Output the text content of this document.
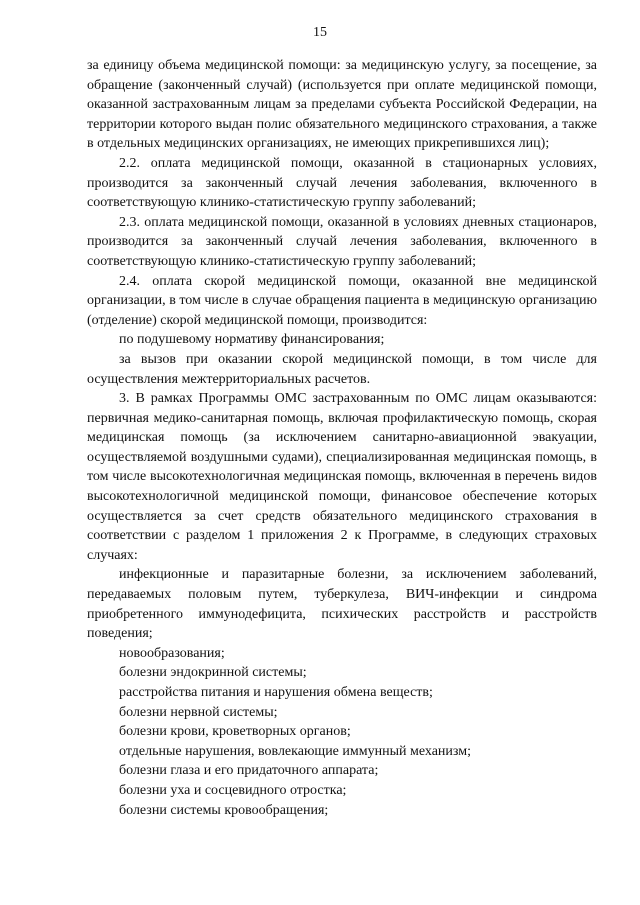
15

за единицу объема медицинской помощи: за медицинскую услугу, за посещение, за обращение (законченный случай) (используется при оплате медицинской помощи, оказанной застрахованным лицам за пределами субъекта Российской Федерации, на территории которого выдан полис обязательного медицинского страхования, а также в отдельных медицинских организациях, не имеющих прикрепившихся лиц);

2.2. оплата медицинской помощи, оказанной в стационарных условиях, производится за законченный случай лечения заболевания, включенного в соответствующую клинико-статистическую группу заболеваний;

2.3. оплата медицинской помощи, оказанной в условиях дневных стационаров, производится за законченный случай лечения заболевания, включенного в соответствующую клинико-статистическую группу заболеваний;

2.4. оплата скорой медицинской помощи, оказанной вне медицинской организации, в том числе в случае обращения пациента в медицинскую организацию (отделение) скорой медицинской помощи, производится:

по подушевому нормативу финансирования;

за вызов при оказании скорой медицинской помощи, в том числе для осуществления межтерриториальных расчетов.

3. В рамках Программы ОМС застрахованным по ОМС лицам оказываются: первичная медико-санитарная помощь, включая профилактическую помощь, скорая медицинская помощь (за исключением санитарно-авиационной эвакуации, осуществляемой воздушными судами), специализированная медицинская помощь, в том числе высокотехнологичная медицинская помощь, включенная в перечень видов высокотехнологичной медицинской помощи, финансовое обеспечение которых осуществляется за счет средств обязательного медицинского страхования в соответствии с разделом 1 приложения 2 к Программе, в следующих страховых случаях:

инфекционные и паразитарные болезни, за исключением заболеваний, передаваемых половым путем, туберкулеза, ВИЧ-инфекции и синдрома приобретенного иммунодефицита, психических расстройств и расстройств поведения;

новообразования;

болезни эндокринной системы;

расстройства питания и нарушения обмена веществ;

болезни нервной системы;

болезни крови, кроветворных органов;

отдельные нарушения, вовлекающие иммунный механизм;

болезни глаза и его придаточного аппарата;

болезни уха и сосцевидного отростка;

болезни системы кровообращения;
